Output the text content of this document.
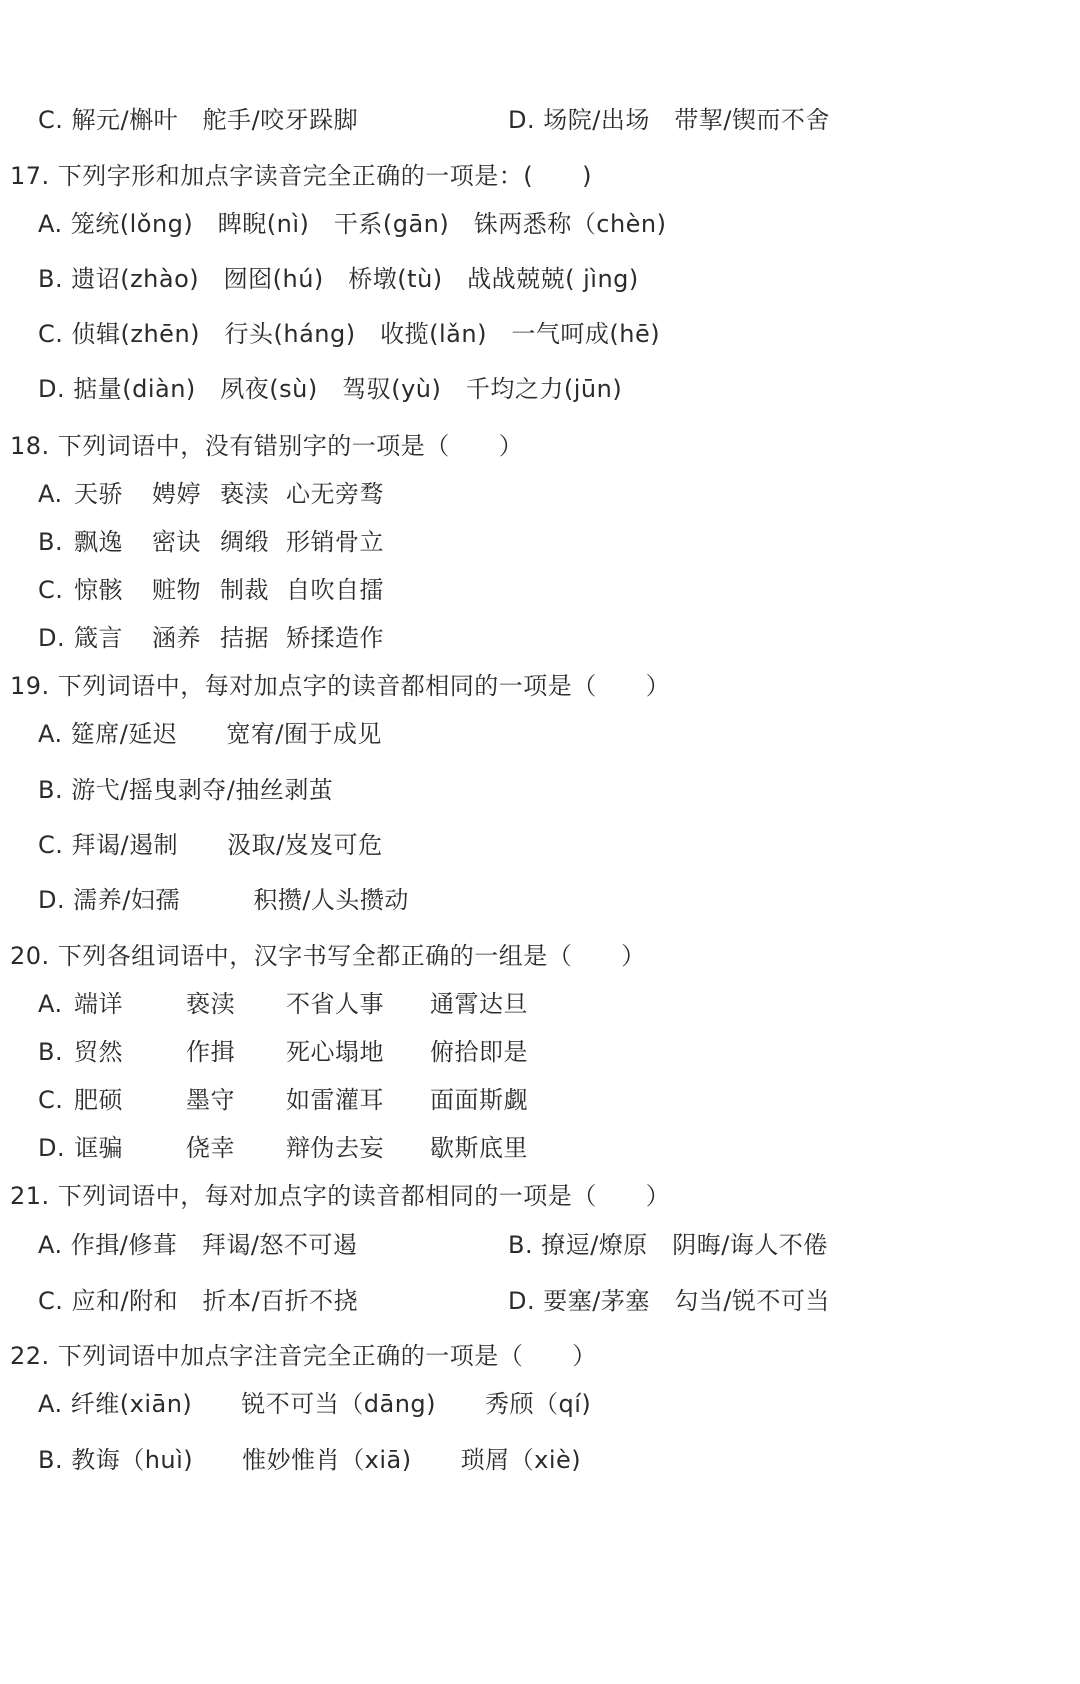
C. 解元/槲叶　舵手/咬牙跺脚	D. 场院/出场　带挈/锲而不舍
17. 下列字形和加点字读音完全正确的一项是：(　　)
A. 笼统(lǒng)　睥睨(nì)　干系(gān)　铢两悉称（chèn)
B. 遗诏(zhào)　囫囵(hú)　桥墩(tù)　战战兢兢( jìng)
C. 侦辑(zhēn)　行头(háng)　收揽(lǎn)　一气呵成(hē)
D. 掂量(diàn)　夙夜(sù)　驾驭(yù)　千均之力(jūn)
18. 下列词语中，没有错别字的一项是（　　）
A. 天骄 娉婷 亵渎 心无旁骛
B. 飘逸 密诀 绸缎 形销骨立
C. 惊骸 赃物 制裁 自吹自擂
D. 箴言 涵养 拮据 矫揉造作
19. 下列词语中，每对加点字的读音都相同的一项是（　　）
A. 筵席/延迟　　宽宥/囿于成见
B. 游弋/摇曳剥夺/抽丝剥茧
C. 拜谒/遏制　　汲取/岌岌可危
D. 濡养/妇孺　　　积攒/人头攒动
20. 下列各组词语中，汉字书写全都正确的一组是（　　）
A. 端详	亵渎 不省人事 通霄达旦
B. 贸然	作揖 死心塌地 俯拾即是
C. 肥硕	墨守 如雷灌耳 面面斯觑
D. 诓骗	侥幸 辩伪去妄 歇斯底里
21. 下列词语中，每对加点字的读音都相同的一项是（　　）
A. 作揖/修葺　拜谒/怒不可遏	B. 撩逗/燎原　阴晦/诲人不倦
C. 应和/附和　折本/百折不挠	D. 要塞/茅塞　勾当/锐不可当
22. 下列词语中加点字注音完全正确的一项是（　　）
A. 纤维(xiān)　　锐不可当（dāng)　　秀颀（qí)
B. 教诲（huì)　　惟妙惟肖（xiā)　　琐屑（xiè)
